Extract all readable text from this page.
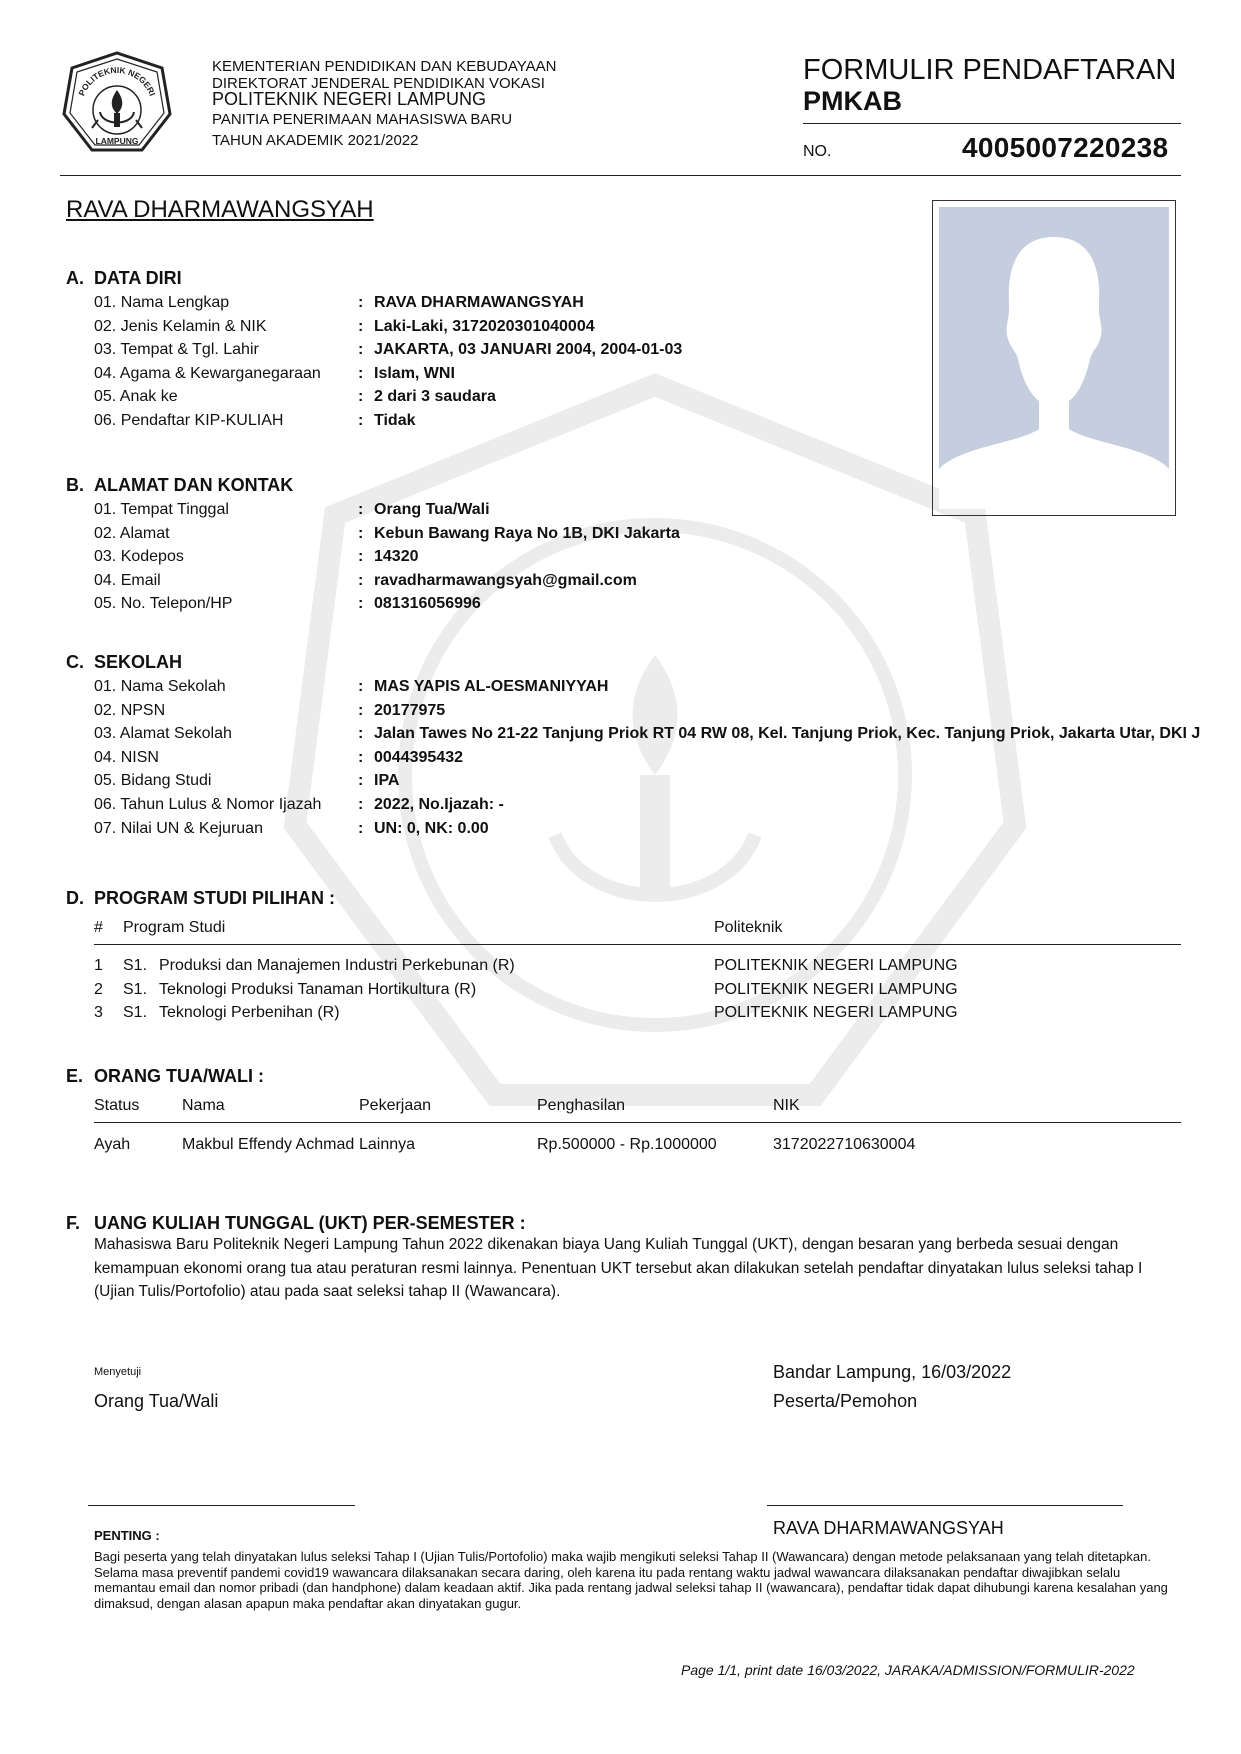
POLITEKNIK NEGERI
LAMPUNG
KEMENTERIAN PENDIDIKAN DAN KEBUDAYAAN
DIREKTORAT JENDERAL PENDIDIKAN VOKASI
POLITEKNIK NEGERI LAMPUNG
PANITIA PENERIMAAN MAHASISWA BARU
TAHUN AKADEMIK 2021/2022
FORMULIR PENDAFTARAN
PMKAB
NO.	4005007220238
RAVA DHARMAWANGSYAH
A. DATA DIRI
01. Nama Lengkap	: RAVA DHARMAWANGSYAH
02. Jenis Kelamin & NIK	: Laki-Laki, 3172020301040004
03. Tempat & Tgl. Lahir	: JAKARTA, 03 JANUARI 2004, 2004-01-03
04. Agama & Kewarganegaraan : Islam, WNI
05. Anak ke	: 2 dari 3 saudara
06. Pendaftar KIP-KULIAH	: Tidak
B. ALAMAT DAN KONTAK
01. Tempat Tinggal	: Orang Tua/Wali
02. Alamat	: Kebun Bawang Raya No 1B, DKI Jakarta
03. Kodepos	: 14320
04. Email	: ravadharmawangsyah@gmail.com
05. No. Telepon/HP	: 081316056996
C. SEKOLAH
01. Nama Sekolah	: MAS YAPIS AL-OESMANIYYAH
02. NPSN	: 20177975
03. Alamat Sekolah	: Jalan Tawes No 21-22 Tanjung Priok RT 04 RW 08, Kel. Tanjung Priok, Kec. Tanjung Priok, Jakarta Utar, DKI J
04. NISN	: 0044395432
05. Bidang Studi	: IPA
06. Tahun Lulus & Nomor Ijazah : 2022, No.Ijazah: -
07. Nilai UN & Kejuruan	: UN: 0, NK: 0.00
D. PROGRAM STUDI PILIHAN :
# Program Studi	Politeknik
1 S1. Produksi dan Manajemen Industri Perkebunan (R)	POLITEKNIK NEGERI LAMPUNG
2 S1. Teknologi Produksi Tanaman Hortikultura (R)	POLITEKNIK NEGERI LAMPUNG
3 S1. Teknologi Perbenihan (R)	POLITEKNIK NEGERI LAMPUNG
E. ORANG TUA/WALI :
Status	Nama	Pekerjaan	Penghasilan	NIK
Ayah	Makbul Effendy Achmad Lainnya	Rp.500000 - Rp.1000000	3172022710630004
F. UANG KULIAH TUNGGAL (UKT) PER-SEMESTER :
Mahasiswa Baru Politeknik Negeri Lampung Tahun 2022 dikenakan biaya Uang Kuliah Tunggal (UKT), dengan besaran yang berbeda sesuai dengan kemampuan ekonomi orang tua atau peraturan resmi lainnya. Penentuan UKT tersebut akan dilakukan setelah pendaftar dinyatakan lulus seleksi tahap I (Ujian Tulis/Portofolio) atau pada saat seleksi tahap II (Wawancara).
Menyetuji
Orang Tua/Wali
Bandar Lampung, 16/03/2022
Peserta/Pemohon
RAVA DHARMAWANGSYAH
PENTING :
Bagi peserta yang telah dinyatakan lulus seleksi Tahap I (Ujian Tulis/Portofolio) maka wajib mengikuti seleksi Tahap II (Wawancara) dengan metode pelaksanaan yang telah ditetapkan. Selama masa preventif pandemi covid19 wawancara dilaksanakan secara daring, oleh karena itu pada rentang waktu jadwal wawancara dilaksanakan pendaftar diwajibkan selalu memantau email dan nomor pribadi (dan handphone) dalam keadaan aktif. Jika pada rentang jadwal seleksi tahap II (wawancara), pendaftar tidak dapat dihubungi karena kesalahan yang dimaksud, dengan alasan apapun maka pendaftar akan dinyatakan gugur.
Page 1/1, print date 16/03/2022, JARAKA/ADMISSION/FORMULIR-2022
